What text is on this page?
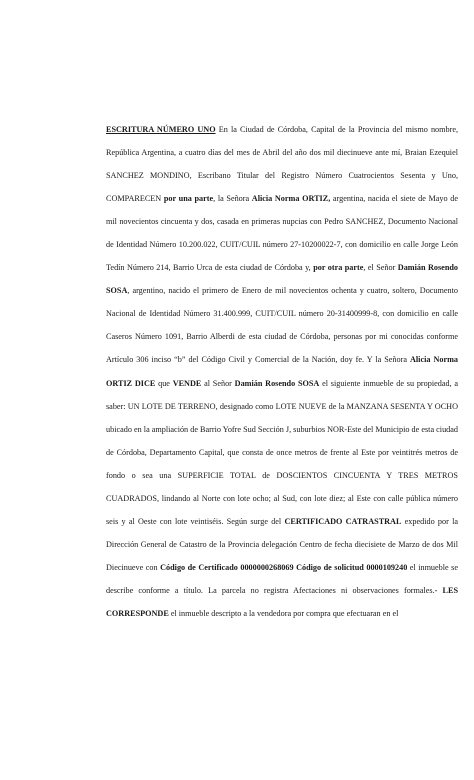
ESCRITURA NÚMERO UNO En la Ciudad de Córdoba, Capital de la Provincia del mismo nombre, República Argentina, a cuatro días del mes de Abril del año dos mil diecinueve ante mí, Braian Ezequiel SANCHEZ MONDINO, Escribano Titular del Registro Número Cuatrocientos Sesenta y Uno, COMPARECEN por una parte, la Señora Alicia Norma ORTIZ, argentina, nacida el siete de Mayo de mil novecientos cincuenta y dos, casada en primeras nupcias con Pedro SANCHEZ, Documento Nacional de Identidad Número 10.200.022, CUIT/CUIL número 27-10200022-7, con domicilio en calle Jorge León Tedín Número 214, Barrio Urca de esta ciudad de Córdoba y, por otra parte, el Señor Damián Rosendo SOSA, argentino, nacido el primero de Enero de mil novecientos ochenta y cuatro, soltero, Documento Nacional de Identidad Número 31.400.999, CUIT/CUIL número 20-31400999-8, con domicilio en calle Caseros Número 1091, Barrio Alberdi de esta ciudad de Córdoba, personas por mi conocidas conforme Artículo 306 inciso “b” del Código Civil y Comercial de la Nación, doy fe. Y la Señora Alicia Norma ORTIZ DICE que VENDE al Señor Damián Rosendo SOSA el siguiente inmueble de su propiedad, a saber: UN LOTE DE TERRENO, designado como LOTE NUEVE de la MANZANA SESENTA Y OCHO ubicado en la ampliación de Barrio Yofre Sud Sección J, suburbios NOR-Este del Municipio de esta ciudad de Córdoba, Departamento Capital, que consta de once metros de frente al Este por veintitrés metros de fondo o sea una SUPERFICIE TOTAL de DOSCIENTOS CINCUENTA Y TRES METROS CUADRADOS, lindando al Norte con lote ocho; al Sud, con lote diez; al Este con calle pública número seis y al Oeste con lote veintiséis. Según surge del CERTIFICADO CATRASTRAL expedido por la Dirección General de Catastro de la Provincia delegación Centro de fecha diecisiete de Marzo de dos Mil Diecinueve con Código de Certificado 0000000268069 Código de solicitud 0000109240 el inmueble se describe conforme a título. La parcela no registra Afectaciones ni observaciones formales.- LES CORRESPONDE el inmueble descripto a la vendedora por compra que efectuaran en el
